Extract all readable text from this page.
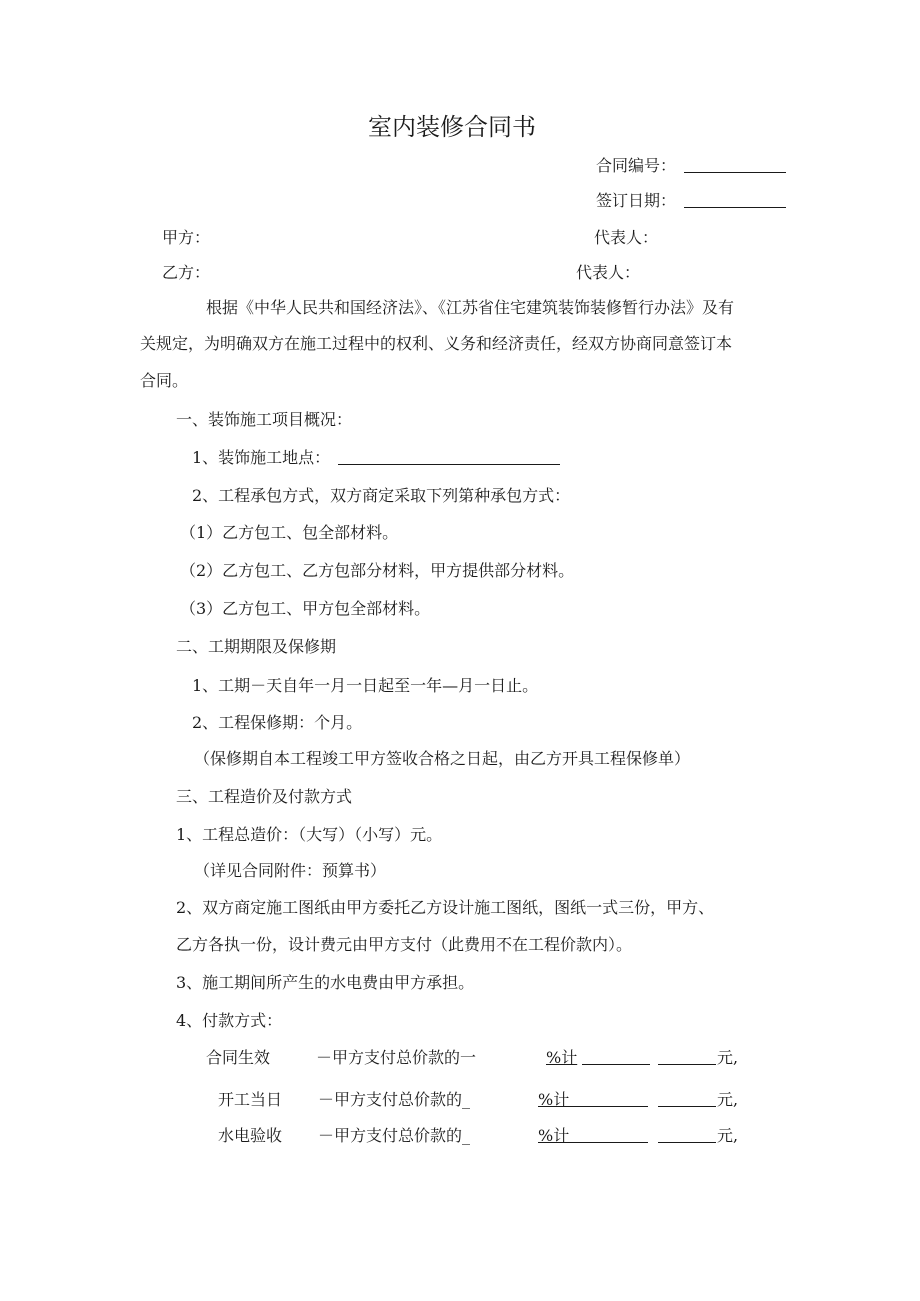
室内装修合同书
合同编号：
签订日期：
甲方：	代表人：
乙方：	代表人：
根据《中华人民共和国经济法》、《江苏省住宅建筑装饰装修暂行办法》及有
关规定，为明确双方在施工过程中的权利、义务和经济责任，经双方协商同意签订本
合同。
一、装饰施工项目概况：
1、装饰施工地点：
2、工程承包方式，双方商定采取下列第种承包方式：
（1）乙方包工、包全部材料。
（2）乙方包工、乙方包部分材料，甲方提供部分材料。
（3）乙方包工、甲方包全部材料。
二、工期期限及保修期
1、工期－天自年一月一日起至一年—月一日止。
2、工程保修期：个月。
（保修期自本工程竣工甲方签收合格之日起，由乙方开具工程保修单）
三、工程造价及付款方式
1、工程总造价：（大写）（小写）元。
（详见合同附件：预算书）
2、双方商定施工图纸由甲方委托乙方设计施工图纸，图纸一式三份，甲方、
乙方各执一份，设计费元由甲方支付（此费用不在工程价款内）。
3、施工期间所产生的水电费由甲方承担。
4、付款方式：
合同生效	－甲方支付总价款的一	%计	元,
开工当日 －甲方支付总价款的_	%计	元,
水电验收 －甲方支付总价款的_	%计	元,
